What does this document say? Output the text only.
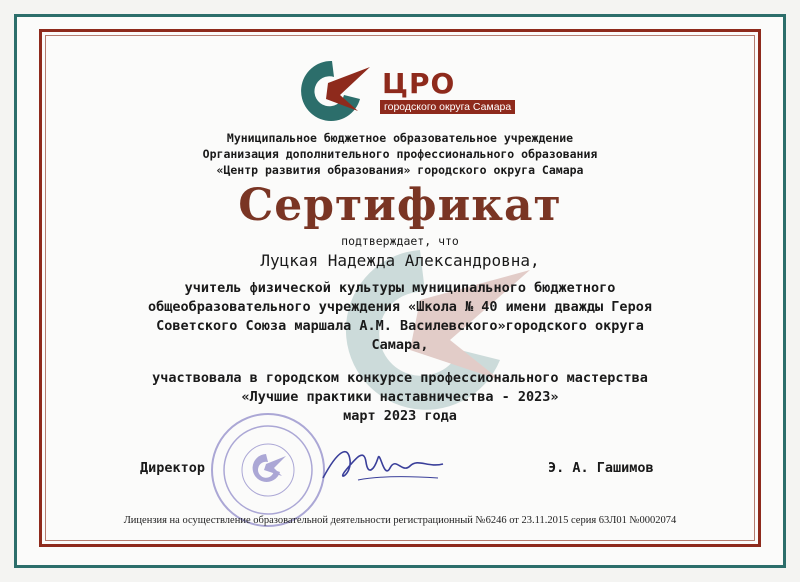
ЦРО
городского округа Самара
Муниципальное бюджетное образовательное учреждение
Организация дополнительного профессионального образования
«Центр развития образования» городского округа Самара
Сертификат
подтверждает, что
Луцкая Надежда Александровна,
учитель физической культуры муниципального бюджетного
общеобразовательного учреждения «Школа № 40 имени дважды Героя
Советского Союза маршала А.М. Василевского»городского округа
Самара,
участвовала в городском конкурсе профессионального мастерства
«Лучшие практики наставничества - 2023»
март 2023 года
Директор	Э. А. Гашимов
Лицензия на осуществление образовательной деятельности регистрационный №6246 от 23.11.2015 серия 63Л01 №0002074
